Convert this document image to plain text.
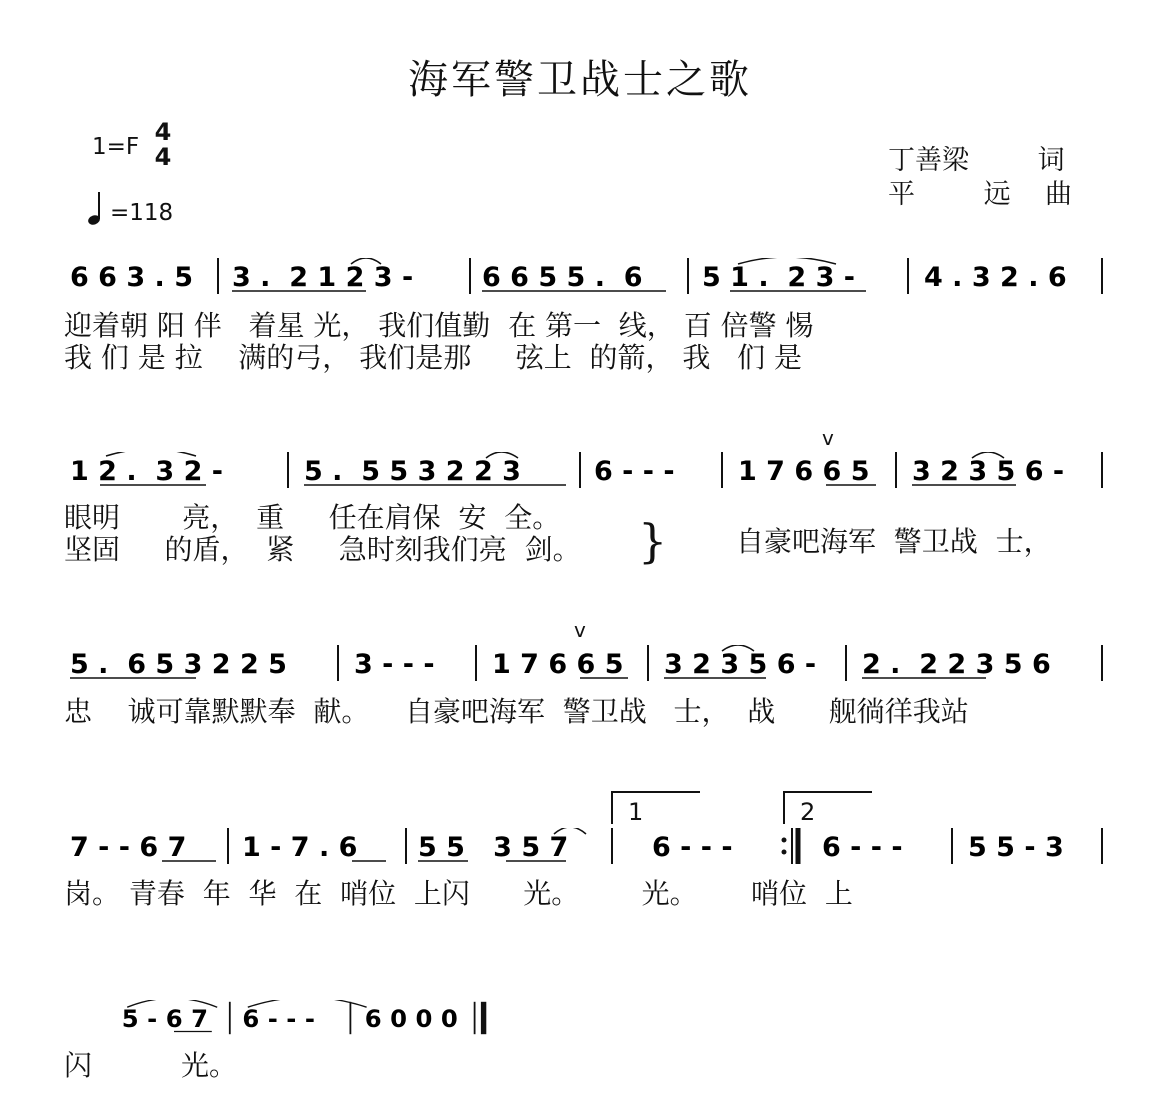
海军警卫战士之歌
1=F
4
4
=118
丁善梁        词
平        远    曲
6 6 3 . 5 3 .  2 1 2 3 -	6 6 5 5 .  6 5 1 .  2 3 -	4 . 3 2 . 6
迎着朝 阳 伴   着星 光， 我们值勤  在 第一  线， 百 倍警 惕
我 们 是 拉    满的弓， 我们是那     弦上  的箭， 我   们 是
v
1 2 .  3 2 -	5 .  5 5 3 2 2 3	6 - - - 1 7 6 6 5 3 2 3 5 6 -
眼明       亮，  重     任在肩保  安  全。
坚固     的盾，  紧     急时刻我们亮  剑。 } 自豪吧海军  警卫战  士，
v
5 .  6 5 3 2 2 5 3 - - - 1 7 6 6 5 3 2 3 5 6 - 2 .  2 2 3 5 6
忠    诚可靠默默奉  献。    自豪吧海军  警卫战   士，  战      舰徜徉我站
1	2
7 - - 6 7 1 - 7 . 6 5 5   3 5 7	6 - - -	6 - - - 5 5 - 3
岗。 青春  年  华  在  哨位  上闪      光。       光。      哨位  上
5 - 6 7 6 - - - 6 0 0 0
闪          光。
